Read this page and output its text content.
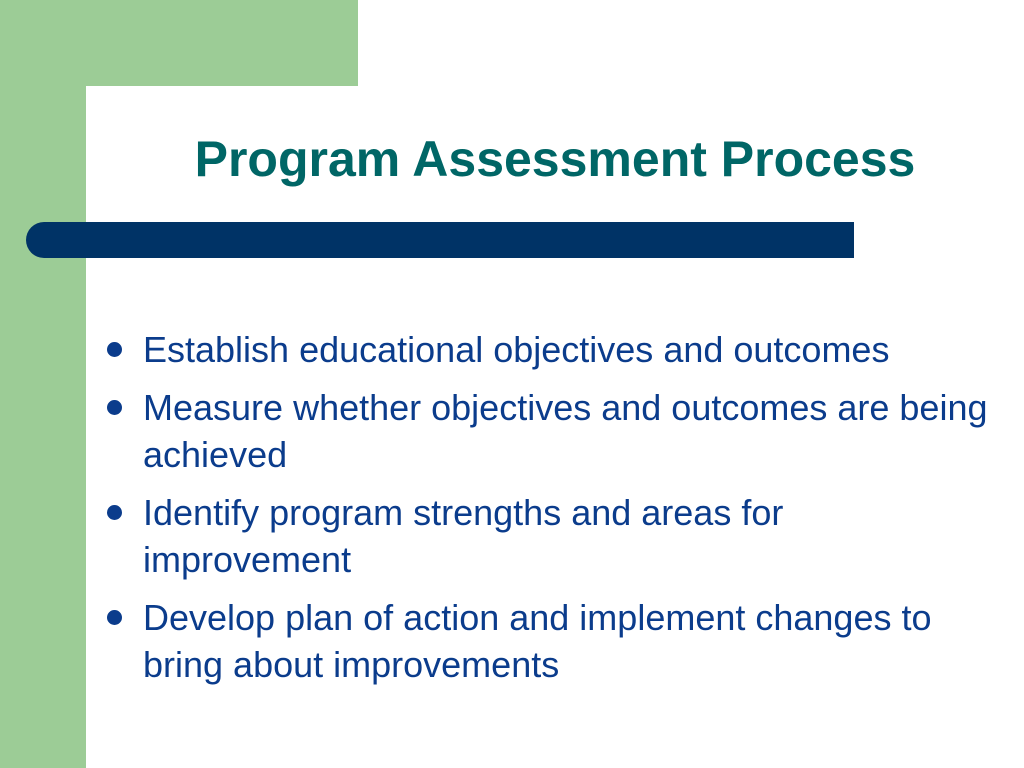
Program Assessment Process
Establish educational objectives and outcomes
Measure whether objectives and outcomes are being achieved
Identify program strengths and areas for improvement
Develop plan of action and implement changes to bring about improvements
